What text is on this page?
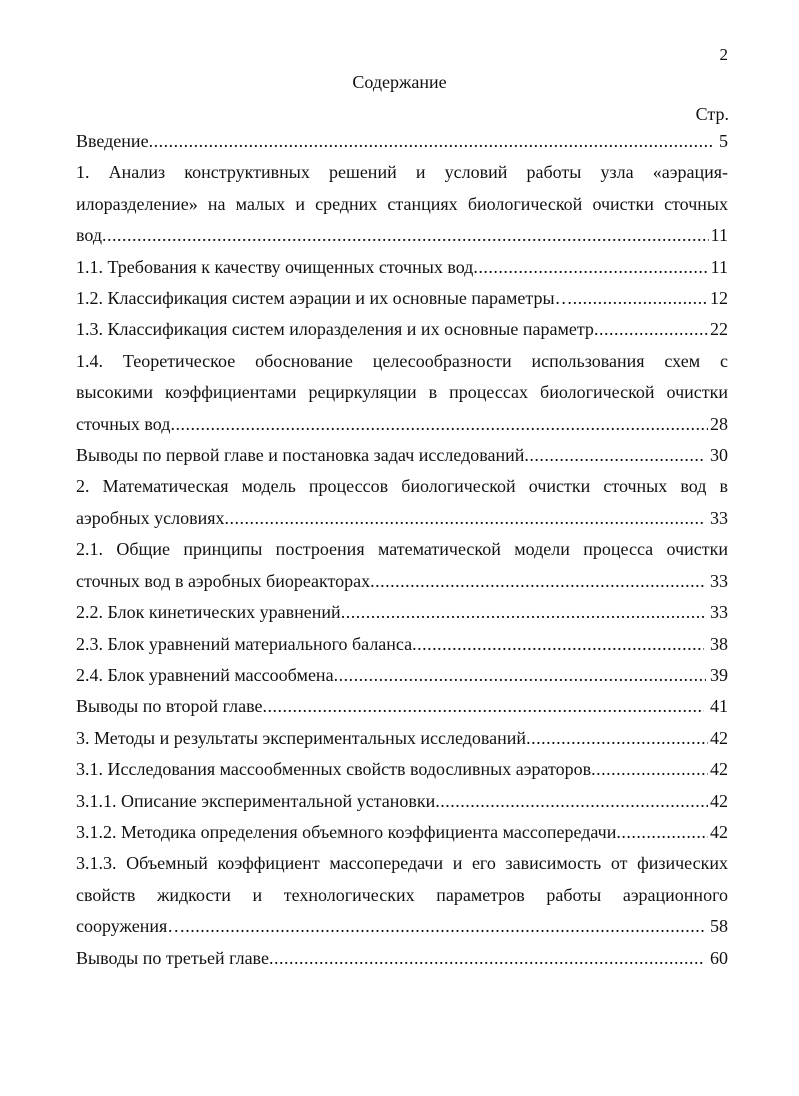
2
Содержание
Стр.
Введение .....	5
1. Анализ конструктивных решений и условий работы узла «аэрация-
илоразделение» на малых и средних станциях биологической очистки сточных
вод .....	11
1.1. Требования к качеству очищенных сточных вод .....	11
1.2. Классификация систем аэрации и их основные параметры… .....	12
1.3. Классификация систем илоразделения и их основные параметр .....	22
1.4. Теоретическое обоснование целесообразности использования схем с
высокими коэффициентами рециркуляции в процессах биологической очистки
сточных вод .....	28
Выводы по первой главе и постановка задач исследований .....	30
2. Математическая модель процессов биологической очистки сточных вод в
аэробных условиях .....	33
2.1. Общие принципы построения математической модели процесса очистки
сточных вод в аэробных биореакторах .....	33
2.2. Блок кинетических уравнений .....	33
2.3. Блок уравнений материального баланса .....	38
2.4. Блок уравнений массообмена .....	39
Выводы по второй главе .....	41
3. Методы и результаты экспериментальных исследований .....	42
3.1. Исследования массообменных свойств водосливных аэраторов .....	42
3.1.1. Описание экспериментальной установки .....	42
3.1.2. Методика определения объемного коэффициента массопередачи .....	42
3.1.3. Объемный коэффициент массопередачи и его зависимость от физических
свойств жидкости и технологических параметров работы аэрационного
сооружения… .....	58
Выводы по третьей главе .....	60
